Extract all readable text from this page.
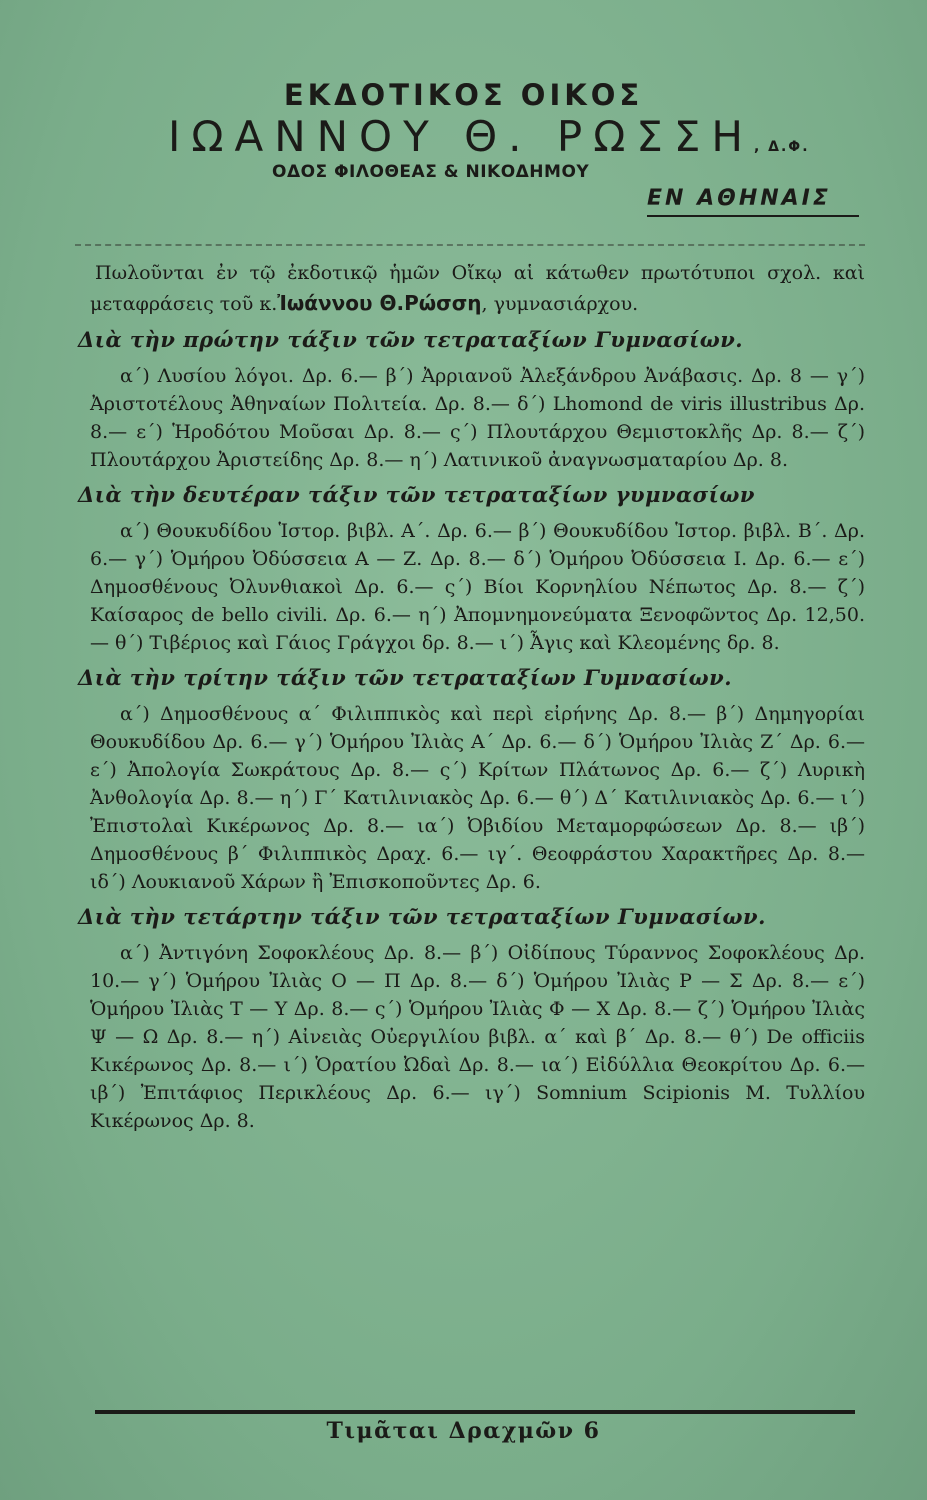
ΕΚΔΟΤΙΚΟΣ ΟΙΚΟΣ
ΙΩΑΝΝΟΥ Θ. ΡΩΣΣΗ, Δ.Φ.
ΟΔΟΣ ΦΙΛΟΘΕΑΣ & ΝΙΚΟΔΗΜΟΥ
ΕΝ ΑΘΗΝΑΙΣ

Πωλοῦνται ἐν τῷ ἐκδοτικῷ ἡμῶν Οἴκῳ αἱ κάτωθεν πρωτότυποι σχολ. καὶ μεταφράσεις τοῦ κ.Ἰωάννου Θ.Ρώσση, γυμνασιάρχου.

Διὰ τὴν πρώτην τάξιν τῶν τετραταξίων Γυμνασίων.

α΄) Λυσίου λόγοι. Δρ. 6.— β΄) Ἀρριανοῦ Ἀλεξάνδρου Ἀνάβασις. Δρ. 8 — γ΄) Ἀριστοτέλους Ἀθηναίων Πολιτεία. Δρ. 8.— δ΄) Lhomond de viris illustribus Δρ. 8.— ε΄) Ἡροδότου Μοῦσαι Δρ. 8.— ς΄) Πλουτάρχου Θεμιστοκλῆς Δρ. 8.— ζ΄) Πλουτάρχου Ἀριστείδης Δρ. 8.— η΄) Λατινικοῦ ἀναγνωσματαρίου Δρ. 8.

Διὰ τὴν δευτέραν τάξιν τῶν τετραταξίων γυμνασίων

α΄) Θουκυδίδου Ἱστορ. βιβλ. Α΄. Δρ. 6.— β΄) Θουκυδίδου Ἱστορ. βιβλ. Β΄. Δρ. 6.— γ΄) Ὁμήρου Ὀδύσσεια Α — Ζ. Δρ. 8.— δ΄) Ὁμήρου Ὀδύσσεια Ι. Δρ. 6.— ε΄) Δημοσθένους Ὀλυνθιακοὶ Δρ. 6.— ς΄) Βίοι Κορνηλίου Νέπωτος Δρ. 8.— ζ΄) Καίσαρος de bello civili. Δρ. 6.— η΄) Ἀπομνημονεύματα Ξενοφῶντος Δρ. 12,50.— θ΄) Τιβέριος καὶ Γάιος Γράγχοι δρ. 8.— ι΄) Ἆγις καὶ Κλεομένης δρ. 8.

Διὰ τὴν τρίτην τάξιν τῶν τετραταξίων Γυμνασίων.

α΄) Δημοσθένους α΄ Φιλιππικὸς καὶ περὶ εἰρήνης Δρ. 8.— β΄) Δημηγορίαι Θουκυδίδου Δρ. 6.— γ΄) Ὁμήρου Ἰλιὰς Α΄ Δρ. 6.— δ΄) Ὁμήρου Ἰλιὰς Ζ΄ Δρ. 6.— ε΄) Ἀπολογία Σωκράτους Δρ. 8.— ς΄) Κρίτων Πλάτωνος Δρ. 6.— ζ΄) Λυρικὴ Ἀνθολογία Δρ. 8.— η΄) Γ΄ Κατιλινιακὸς Δρ. 6.— θ΄) Δ΄ Κατιλινιακὸς Δρ. 6.— ι΄) Ἐπιστολαὶ Κικέρωνος Δρ. 8.— ια΄) Ὀβιδίου Μεταμορφώσεων Δρ. 8.— ιβ΄) Δημοσθένους β΄ Φιλιππικὸς Δραχ. 6.— ιγ΄. Θεοφράστου Χαρακτῆρες Δρ. 8.— ιδ΄) Λουκιανοῦ Χάρων ἢ Ἐπισκοποῦντες Δρ. 6.

Διὰ τὴν τετάρτην τάξιν τῶν τετραταξίων Γυμνασίων.

α΄) Ἀντιγόνη Σοφοκλέους Δρ. 8.— β΄) Οἰδίπους Τύραννος Σοφοκλέους Δρ. 10.— γ΄) Ὁμήρου Ἰλιὰς Ο — Π Δρ. 8.— δ΄) Ὁμήρου Ἰλιὰς Ρ — Σ Δρ. 8.— ε΄) Ὁμήρου Ἰλιὰς Τ — Υ Δρ. 8.— ς΄) Ὁμήρου Ἰλιὰς Φ — Χ Δρ. 8.— ζ΄) Ὁμήρου Ἰλιὰς Ψ — Ω Δρ. 8.— η΄) Αἰνειὰς Οὐεργιλίου βιβλ. α΄ καὶ β΄ Δρ. 8.— θ΄) De officiis Κικέρωνος Δρ. 8.— ι΄) Ὁρατίου Ὠδαὶ Δρ. 8.— ια΄) Εἰδύλλια Θεοκρίτου Δρ. 6.— ιβ΄) Ἐπιτάφιος Περικλέους Δρ. 6.— ιγ΄) Somnium Scipionis M. Τυλλίου Κικέρωνος Δρ. 8.

Τιμᾶται Δραχμῶν 6
